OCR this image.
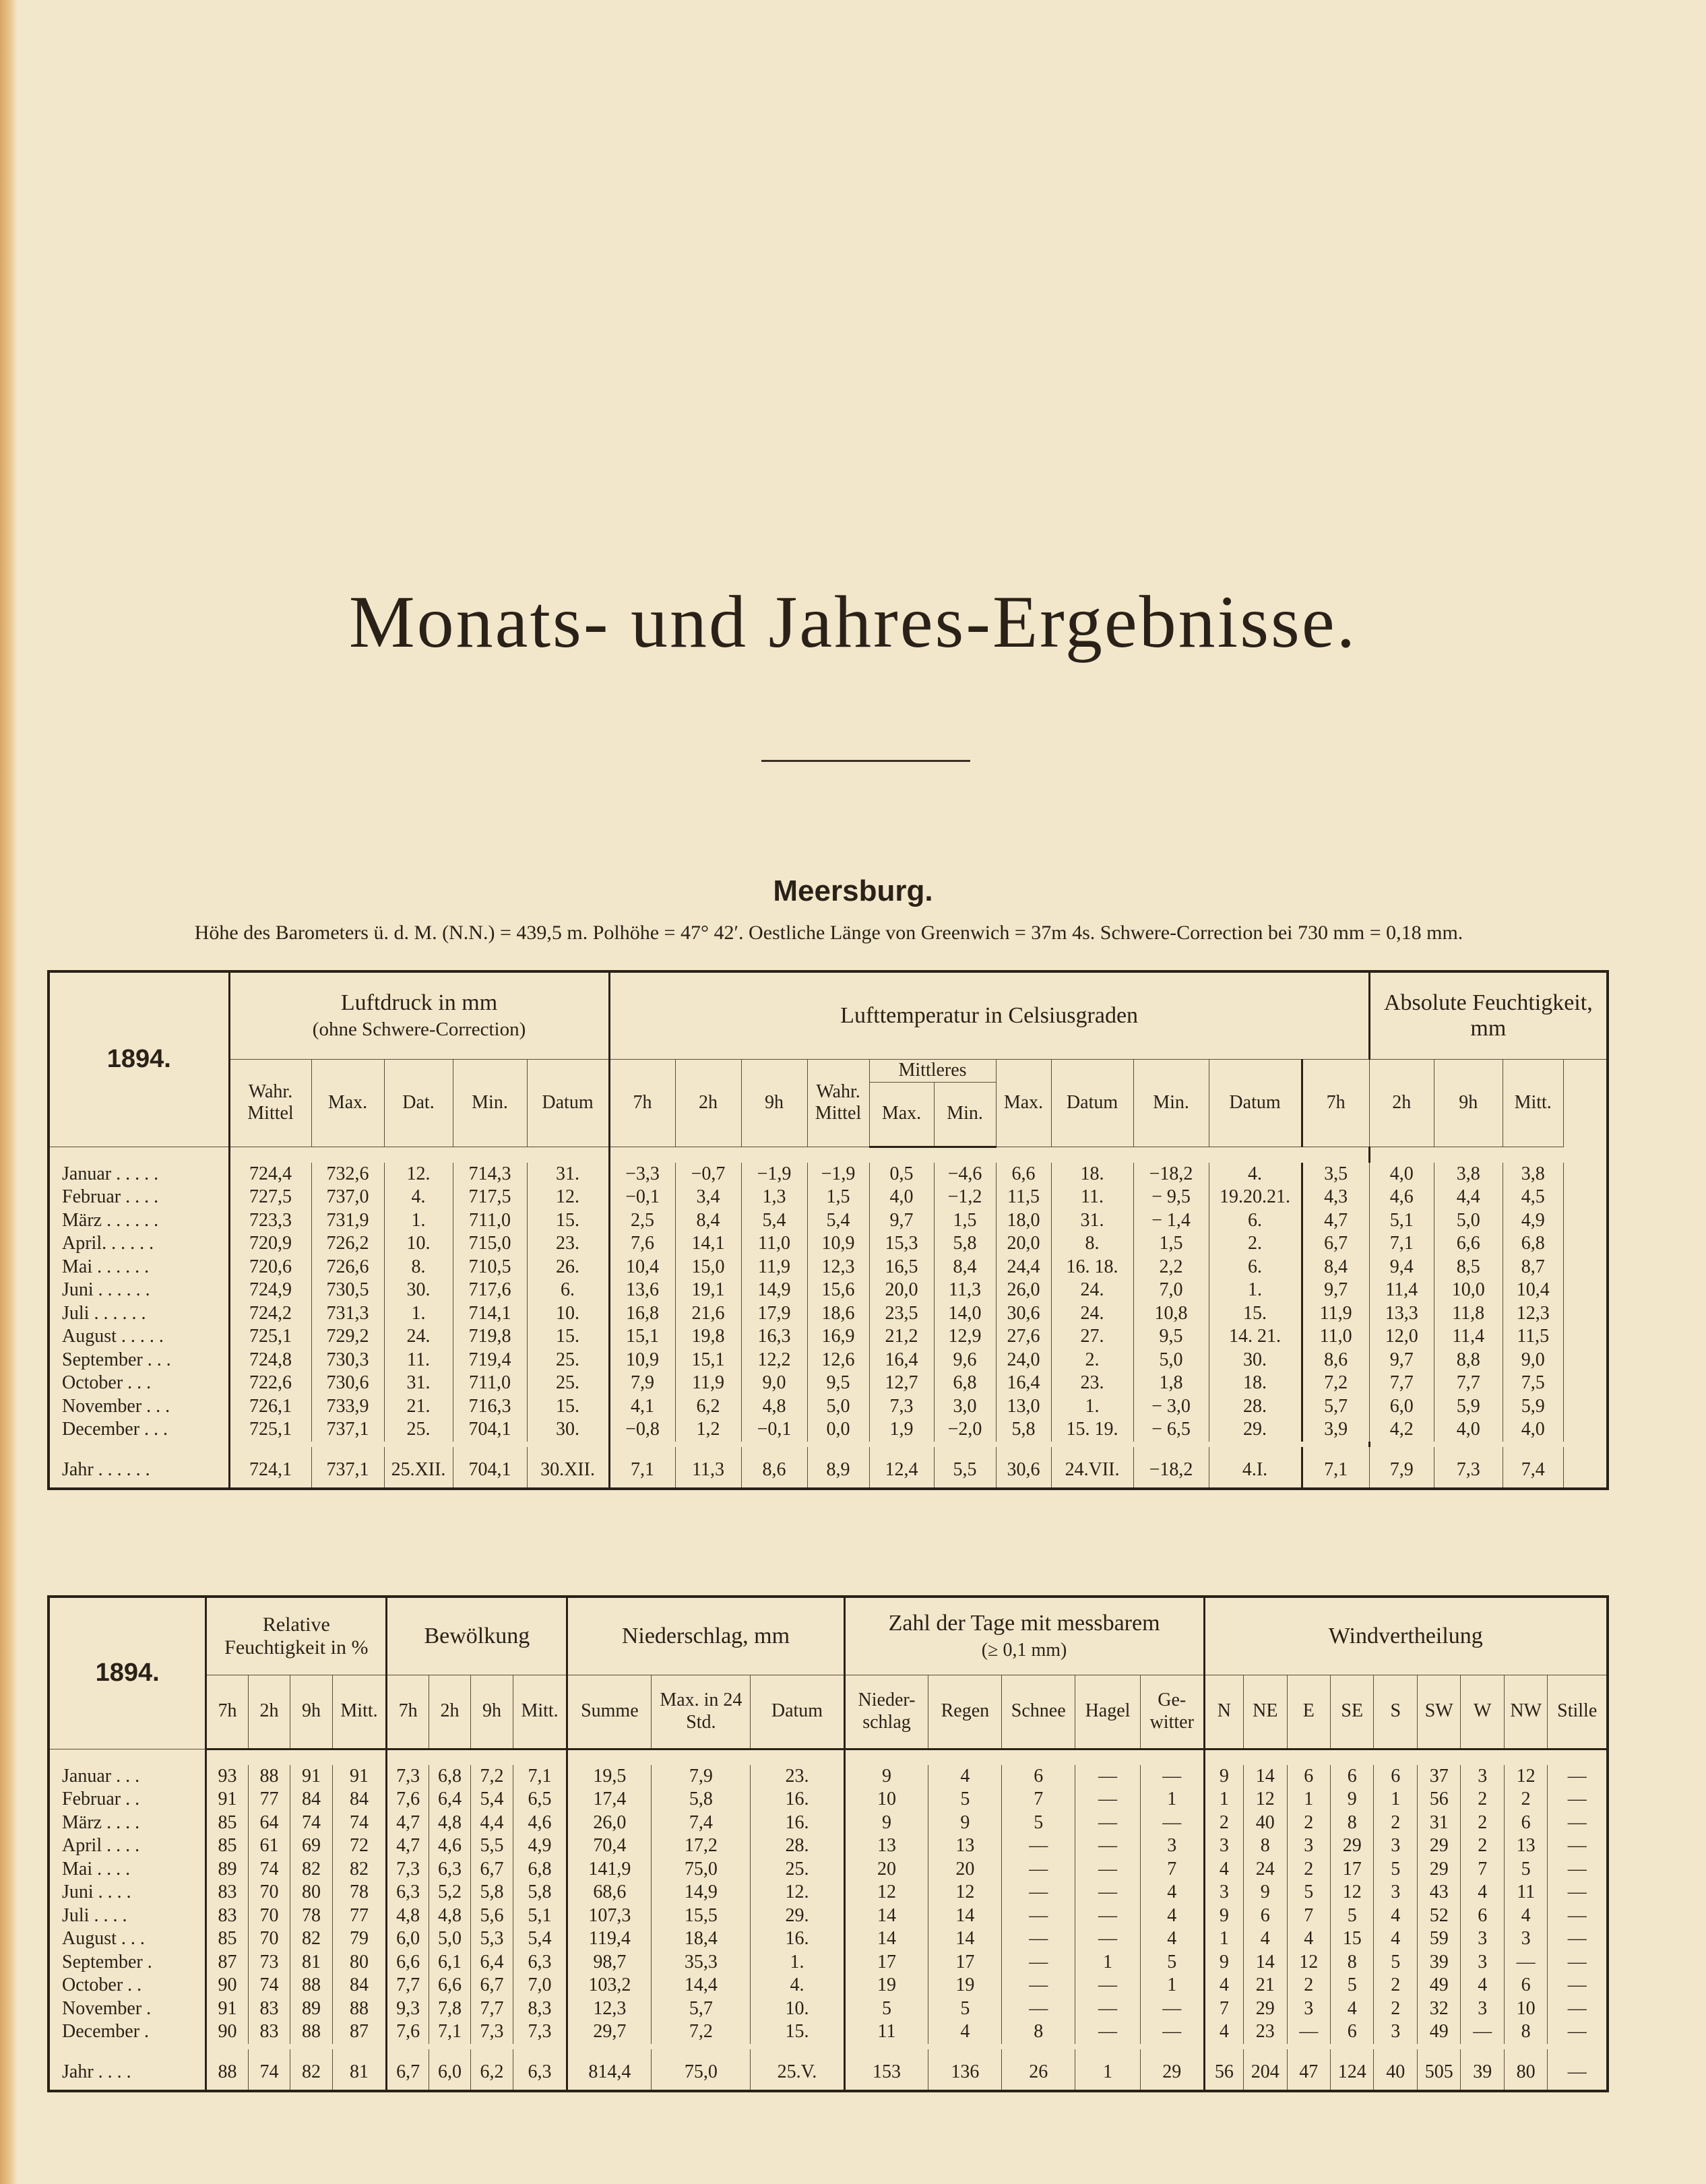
Monats- und Jahres-Ergebnisse.
Meersburg.
Höhe des Barometers ü. d. M. (N.N.) = 439,5 m. Polhöhe = 47° 42′. Oestliche Länge von Greenwich = 37m 4s. Schwere-Correction bei 730 mm = 0,18 mm.
1894.	Luftdruck in mm
(ohne Schwere-Correction)					Lufttemperatur in Celsiusgraden											Absolute Feuchtigkeit, mm		
	Wahr. Mittel	Max.	Dat.	Min.	Datum	7h	2h	9h	Wahr. Mittel	Mittleres		Max.	Datum	Min.	Datum	7h	2h	9h	Mitt.
										Max.	Min.								

Januar . . . . .	724,4	732,6	12.	714,3	31.	−3,3	−0,7	−1,9	−1,9	0,5	−4,6	6,6	18.	−18,2	4.	3,5	4,0	3,8	3,8
Februar . . . .	727,5	737,0	4.	717,5	12.	−0,1	3,4	1,3	1,5	4,0	−1,2	11,5	11.	− 9,5	19.20.21.	4,3	4,6	4,4	4,5
März . . . . . .	723,3	731,9	1.	711,0	15.	2,5	8,4	5,4	5,4	9,7	1,5	18,0	31.	− 1,4	6.	4,7	5,1	5,0	4,9
April. . . . . .	720,9	726,2	10.	715,0	23.	7,6	14,1	11,0	10,9	15,3	5,8	20,0	8.	1,5	2.	6,7	7,1	6,6	6,8
Mai . . . . . .	720,6	726,6	8.	710,5	26.	10,4	15,0	11,9	12,3	16,5	8,4	24,4	16. 18.	2,2	6.	8,4	9,4	8,5	8,7
Juni . . . . . .	724,9	730,5	30.	717,6	6.	13,6	19,1	14,9	15,6	20,0	11,3	26,0	24.	7,0	1.	9,7	11,4	10,0	10,4
Juli . . . . . .	724,2	731,3	1.	714,1	10.	16,8	21,6	17,9	18,6	23,5	14,0	30,6	24.	10,8	15.	11,9	13,3	11,8	12,3
August . . . . .	725,1	729,2	24.	719,8	15.	15,1	19,8	16,3	16,9	21,2	12,9	27,6	27.	9,5	14. 21.	11,0	12,0	11,4	11,5
September . . .	724,8	730,3	11.	719,4	25.	10,9	15,1	12,2	12,6	16,4	9,6	24,0	2.	5,0	30.	8,6	9,7	8,8	9,0
October . . .	722,6	730,6	31.	711,0	25.	7,9	11,9	9,0	9,5	12,7	6,8	16,4	23.	1,8	18.	7,2	7,7	7,7	7,5
November . . .	726,1	733,9	21.	716,3	15.	4,1	6,2	4,8	5,0	7,3	3,0	13,0	1.	− 3,0	28.	5,7	6,0	5,9	5,9
December . . .	725,1	737,1	25.	704,1	30.	−0,8	1,2	−0,1	0,0	1,9	−2,0	5,8	15. 19.	− 6,5	29.	3,9	4,2	4,0	4,0

Jahr . . . . . .	724,1	737,1	25.XII.	704,1	30.XII.	7,1	11,3	8,6	8,9	12,4	5,5	30,6	24.VII.	−18,2	4.I.	7,1	7,9	7,3	7,4
1894.	Relative Feuchtigkeit in %				Bewölkung				Niederschlag, mm			Zahl der Tage mit messbarem
(≥ 0,1 mm)					Windvertheilung								
	7h	2h	9h	Mitt.	7h	2h	9h	Mitt.	Summe	Max. in 24 Std.	Datum	Nieder-schlag	Regen	Schnee	Hagel	Ge-witter	N	NE	E	SE	S	SW	W	NW	Stille

Januar . . .	93	88	91	91	7,3	6,8	7,2	7,1	19,5	7,9	23.	9	4	6	—	—	9	14	6	6	6	37	3	12	—
Februar . .	91	77	84	84	7,6	6,4	5,4	6,5	17,4	5,8	16.	10	5	7	—	1	1	12	1	9	1	56	2	2	—
März . . . .	85	64	74	74	4,7	4,8	4,4	4,6	26,0	7,4	16.	9	9	5	—	—	2	40	2	8	2	31	2	6	—
April . . . .	85	61	69	72	4,7	4,6	5,5	4,9	70,4	17,2	28.	13	13	—	—	3	3	8	3	29	3	29	2	13	—
Mai . . . .	89	74	82	82	7,3	6,3	6,7	6,8	141,9	75,0	25.	20	20	—	—	7	4	24	2	17	5	29	7	5	—
Juni . . . .	83	70	80	78	6,3	5,2	5,8	5,8	68,6	14,9	12.	12	12	—	—	4	3	9	5	12	3	43	4	11	—
Juli . . . .	83	70	78	77	4,8	4,8	5,6	5,1	107,3	15,5	29.	14	14	—	—	4	9	6	7	5	4	52	6	4	—
August . . .	85	70	82	79	6,0	5,0	5,3	5,4	119,4	18,4	16.	14	14	—	—	4	1	4	4	15	4	59	3	3	—
September .	87	73	81	80	6,6	6,1	6,4	6,3	98,7	35,3	1.	17	17	—	1	5	9	14	12	8	5	39	3	—	—
October . .	90	74	88	84	7,7	6,6	6,7	7,0	103,2	14,4	4.	19	19	—	—	1	4	21	2	5	2	49	4	6	—
November .	91	83	89	88	9,3	7,8	7,7	8,3	12,3	5,7	10.	5	5	—	—	—	7	29	3	4	2	32	3	10	—
December .	90	83	88	87	7,6	7,1	7,3	7,3	29,7	7,2	15.	11	4	8	—	—	4	23	—	6	3	49	—	8	—

Jahr . . . .	88	74	82	81	6,7	6,0	6,2	6,3	814,4	75,0	25.V.	153	136	26	1	29	56	204	47	124	40	505	39	80	—
